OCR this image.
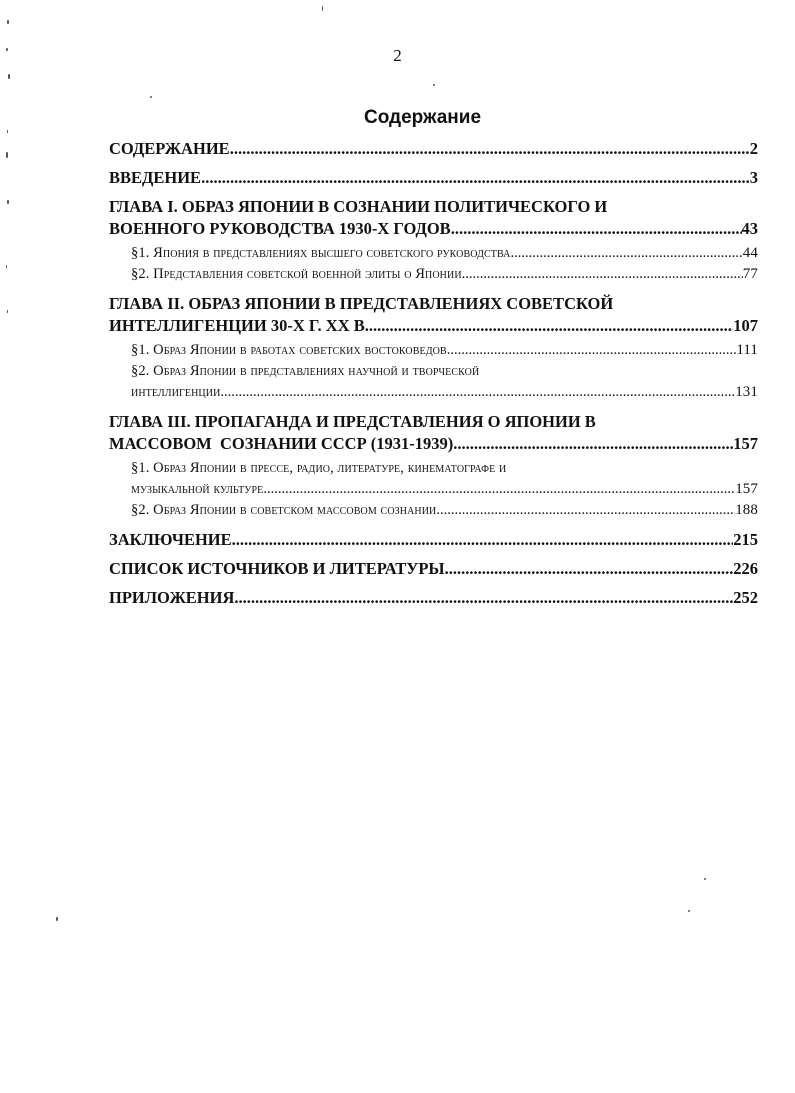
2
Содержание
СОДЕРЖАНИЕ .....	2
ВВЕДЕНИЕ .....	3
ГЛАВА I. ОБРАЗ ЯПОНИИ В СОЗНАНИИ ПОЛИТИЧЕСКОГО И
ВОЕННОГО РУКОВОДСТВА 1930-Х ГОДОВ .....	43
§1. Япония в представлениях высшего советского руководства .....	44
§2. Представления советской военной элиты о Японии .....	77
ГЛАВА II. ОБРАЗ ЯПОНИИ В ПРЕДСТАВЛЕНИЯХ СОВЕТСКОЙ
ИНТЕЛЛИГЕНЦИИ 30-Х Г. XX В. .....	107
§1. Образ Японии в работах советских востоковедов .....	111
§2. Образ Японии в представлениях научной и творческой
интеллигенции .....	131
ГЛАВА III. ПРОПАГАНДА И ПРЕДСТАВЛЕНИЯ О ЯПОНИИ В
МАССОВОМ  СОЗНАНИИ СССР (1931-1939) .....	157
§1. Образ Японии в прессе, радио, литературе, кинематографе и
музыкальной культуре .....	157
§2. Образ Японии в советском массовом сознании .....	188
ЗАКЛЮЧЕНИЕ .....	215
СПИСОК ИСТОЧНИКОВ И ЛИТЕРАТУРЫ .....	226
ПРИЛОЖЕНИЯ .....	252
